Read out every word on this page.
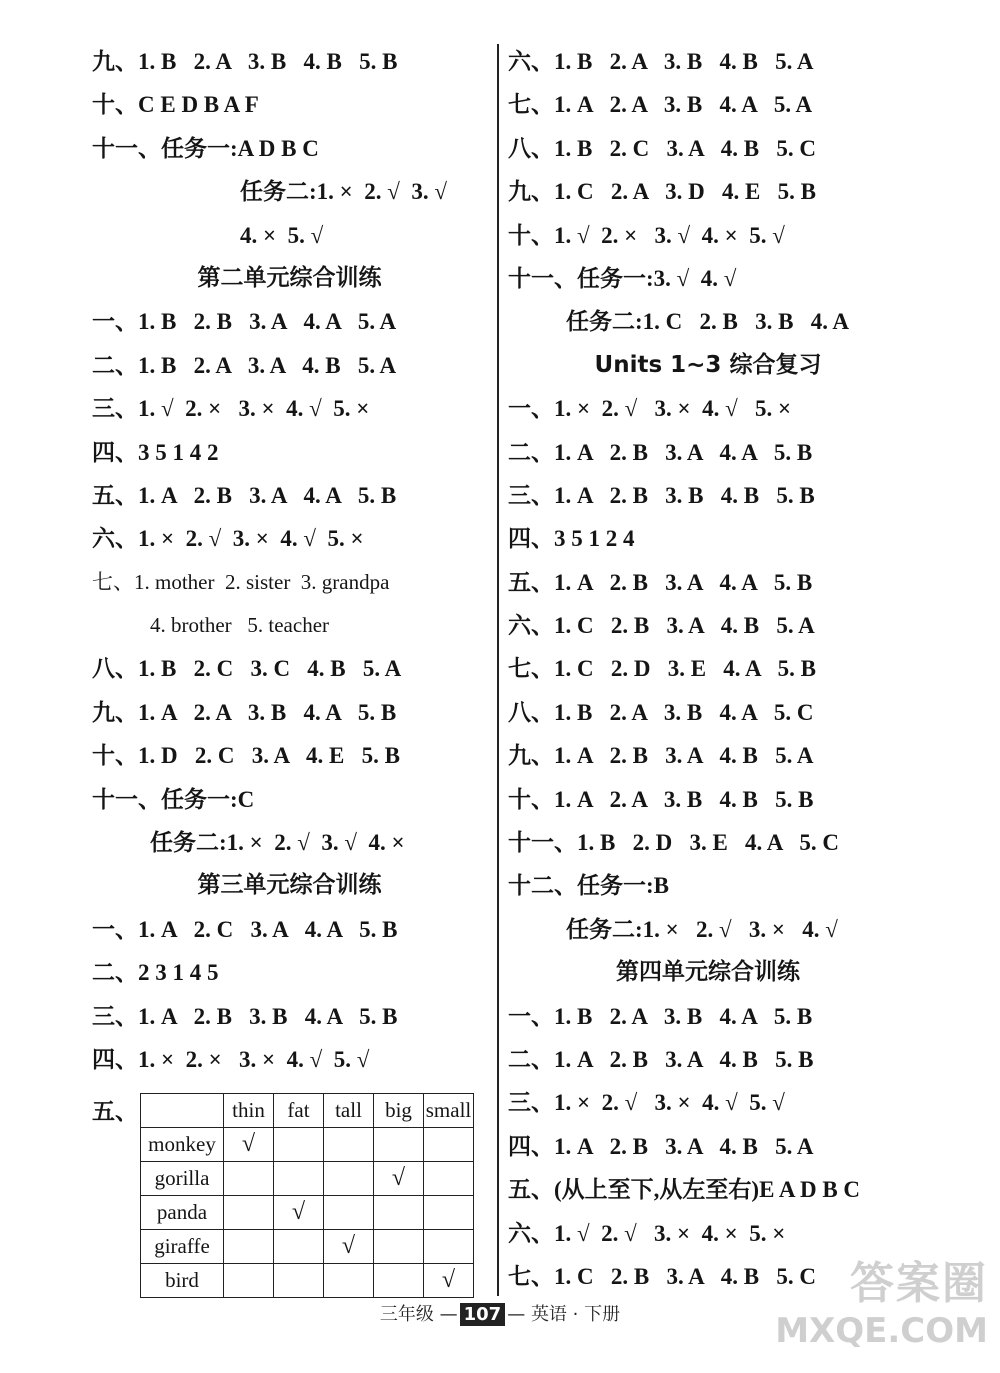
九、1. B   2. A   3. B   4. B   5. B
十、C E D B A F
十一、任务一:A D B C
任务二:1. ×  2. √  3. √
4. ×  5. √
第二单元综合训练
一、1. B   2. B   3. A   4. A   5. A
二、1. B   2. A   3. A   4. B   5. A
三、1. √  2. ×   3. ×  4. √  5. ×
四、3 5 1 4 2
五、1. A   2. B   3. A   4. A   5. B
六、1. ×  2. √  3. ×  4. √  5. ×
七、1. mother  2. sister  3. grandpa
4. brother   5. teacher
八、1. B   2. C   3. C   4. B   5. A
九、1. A   2. A   3. B   4. A   5. B
十、1. D   2. C   3. A   4. E   5. B
十一、任务一:C
任务二:1. ×  2. √  3. √  4. ×
第三单元综合训练
一、1. A   2. C   3. A   4. A   5. B
二、2 3 1 4 5
三、1. A   2. B   3. B   4. A   5. B
四、1. ×  2. ×   3. ×  4. √  5. √
五、
		thin	fat	tall	big	small
monkey	√				
gorilla				√	
panda		√			
giraffe			√		
bird					√
六、1. B   2. A   3. B   4. B   5. A
七、1. A   2. A   3. B   4. A   5. A
八、1. B   2. C   3. A   4. B   5. C
九、1. C   2. A   3. D   4. E   5. B
十、1. √  2. ×   3. √  4. ×  5. √
十一、任务一:3. √  4. √
任务二:1. C   2. B   3. B   4. A
Units 1~3 综合复习
一、1. ×  2. √   3. ×  4. √   5. ×
二、1. A   2. B   3. A   4. A   5. B
三、1. A   2. B   3. B   4. B   5. B
四、3 5 1 2 4
五、1. A   2. B   3. A   4. A   5. B
六、1. C   2. B   3. A   4. B   5. A
七、1. C   2. D   3. E   4. A   5. B
八、1. B   2. A   3. B   4. A   5. C
九、1. A   2. B   3. A   4. B   5. A
十、1. A   2. A   3. B   4. B   5. B
十一、1. B   2. D   3. E   4. A   5. C
十二、任务一:B
任务二:1. ×   2. √   3. ×   4. √
第四单元综合训练
一、1. B   2. A   3. B   4. A   5. B
二、1. A   2. B   3. A   4. B   5. B
三、1. ×  2. √   3. ×  4. √  5. √
四、1. A   2. B   3. A   4. B   5. A
五、(从上至下,从左至右)E A D B C
六、1. √  2. √   3. ×  4. ×  5. ×
七、1. C   2. B   3. A   4. B   5. C
三年级 — 107 — 英语 · 下册
答案圈
MXQE.COM
